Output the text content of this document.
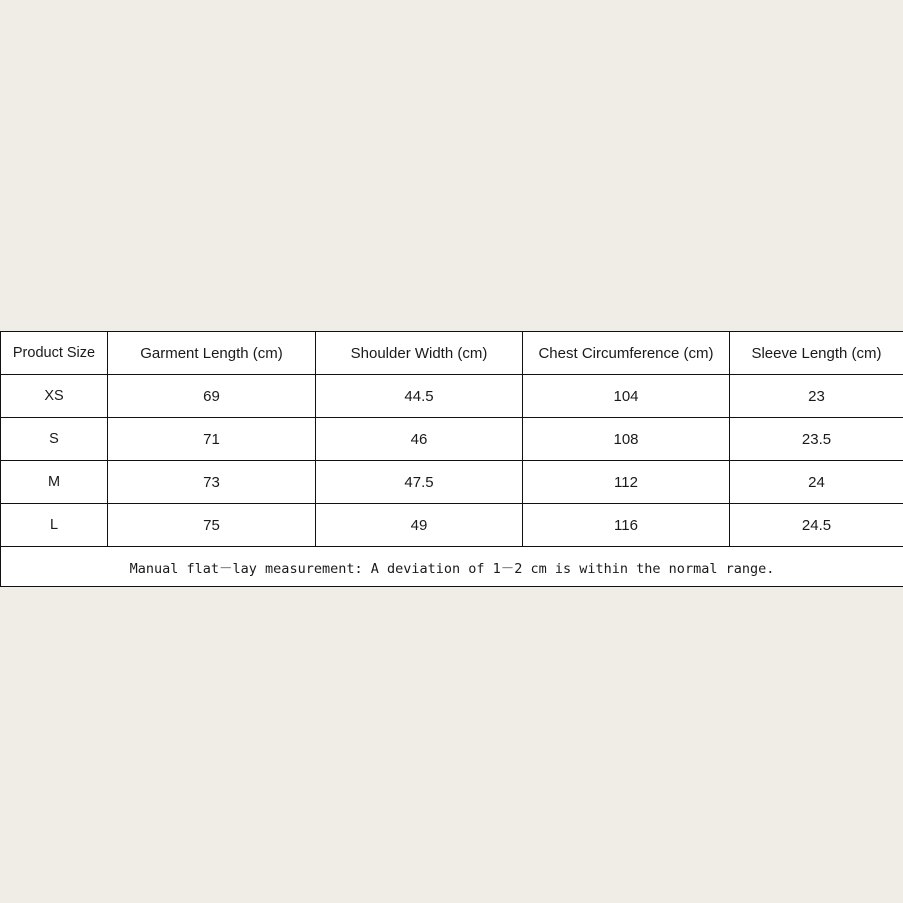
Product Size	Garment Length (cm)	Shoulder Width (cm)	Chest Circumference (cm)	Sleeve Length (cm)
XS	69	44.5	104	23
S	71	46	108	23.5
M	73	47.5	112	24
L	75	49	116	24.5
Manual flat－lay measurement: A deviation of 1－2 cm is within the normal range.				
